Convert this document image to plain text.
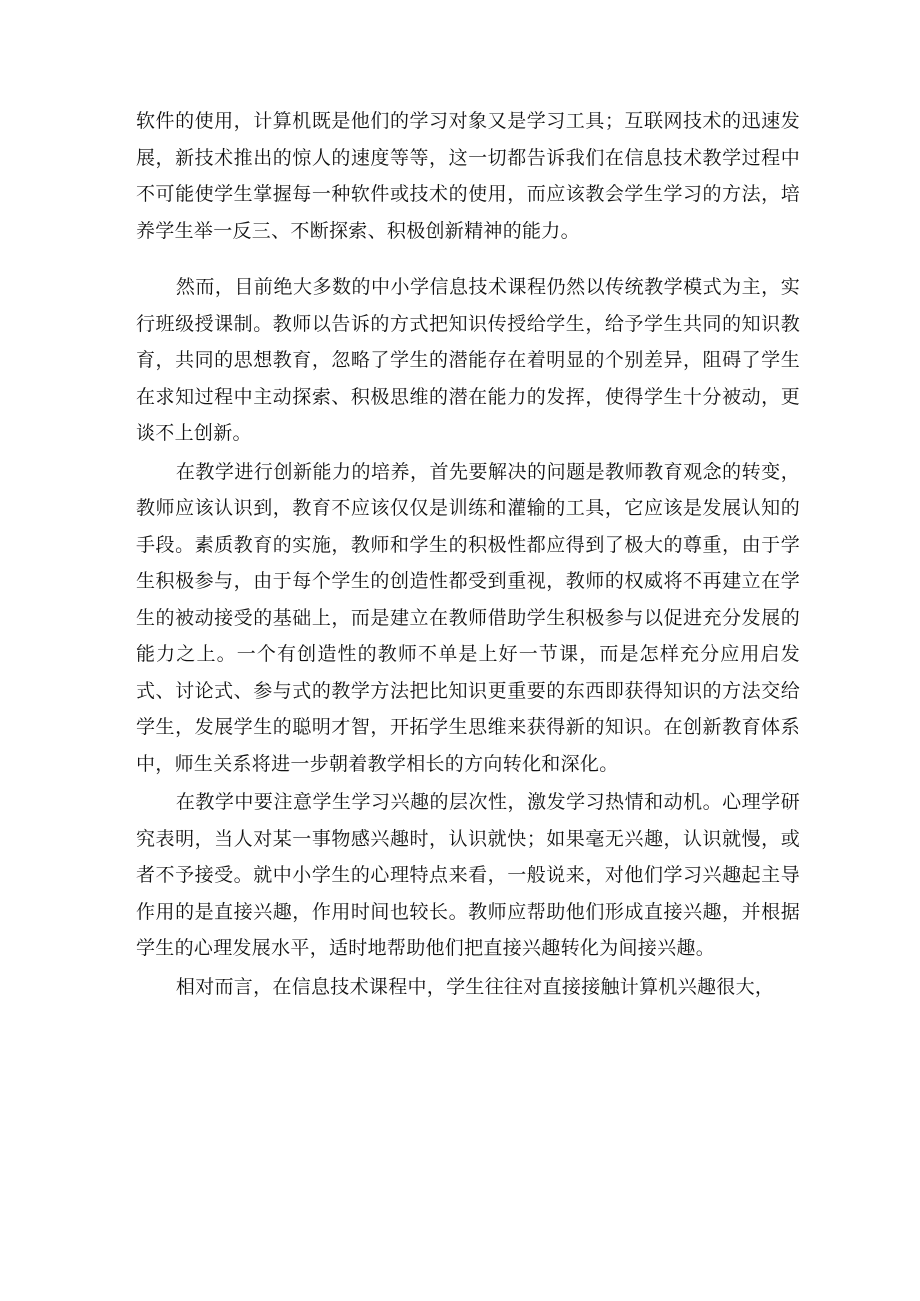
软件的使用，计算机既是他们的学习对象又是学习工具；互联网技术的迅速发展，新技术推出的惊人的速度等等，这一切都告诉我们在信息技术教学过程中不可能使学生掌握每一种软件或技术的使用，而应该教会学生学习的方法，培养学生举一反三、不断探索、积极创新精神的能力。

然而，目前绝大多数的中小学信息技术课程仍然以传统教学模式为主，实行班级授课制。教师以告诉的方式把知识传授给学生，给予学生共同的知识教育，共同的思想教育，忽略了学生的潜能存在着明显的个别差异，阻碍了学生在求知过程中主动探索、积极思维的潜在能力的发挥，使得学生十分被动，更谈不上创新。

在教学进行创新能力的培养，首先要解决的问题是教师教育观念的转变，教师应该认识到，教育不应该仅仅是训练和灌输的工具，它应该是发展认知的手段。素质教育的实施，教师和学生的积极性都应得到了极大的尊重，由于学生积极参与，由于每个学生的创造性都受到重视，教师的权威将不再建立在学生的被动接受的基础上，而是建立在教师借助学生积极参与以促进充分发展的能力之上。一个有创造性的教师不单是上好一节课，而是怎样充分应用启发式、讨论式、参与式的教学方法把比知识更重要的东西即获得知识的方法交给学生，发展学生的聪明才智，开拓学生思维来获得新的知识。在创新教育体系中，师生关系将进一步朝着教学相长的方向转化和深化。

在教学中要注意学生学习兴趣的层次性，激发学习热情和动机。心理学研究表明，当人对某一事物感兴趣时，认识就快；如果毫无兴趣，认识就慢，或者不予接受。就中小学生的心理特点来看，一般说来，对他们学习兴趣起主导作用的是直接兴趣，作用时间也较长。教师应帮助他们形成直接兴趣，并根据学生的心理发展水平，适时地帮助他们把直接兴趣转化为间接兴趣。

相对而言，在信息技术课程中，学生往往对直接接触计算机兴趣很大，
